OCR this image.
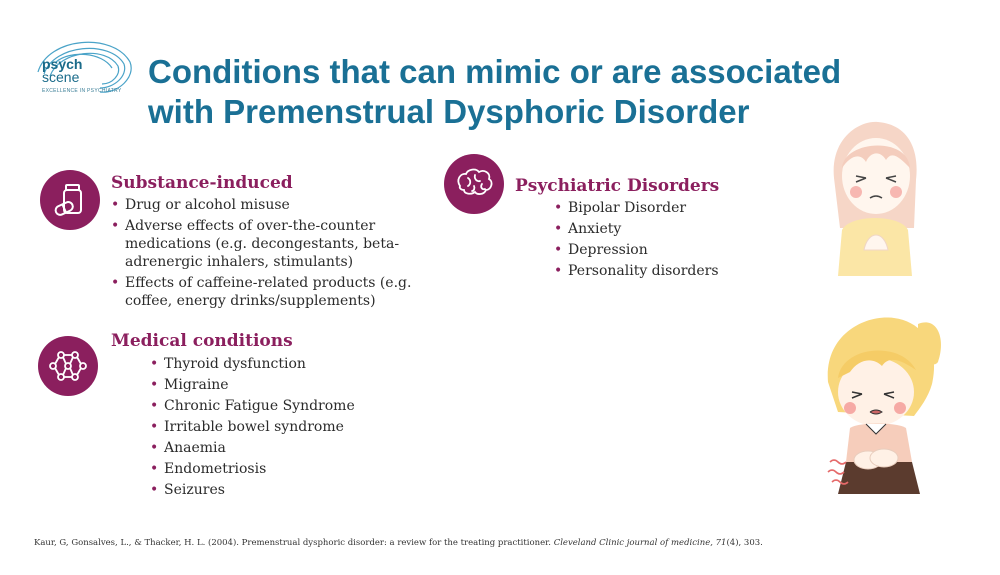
psych
scene
EXCELLENCE IN PSYCHIATRY
Conditions that can mimic or are associated
with Premenstrual Dysphoric Disorder
Substance-induced
• Drug or alcohol misuse
• Adverse effects of over-the-counter medications (e.g. decongestants, beta-adrenergic inhalers, stimulants)
• Effects of caffeine-related products (e.g. coffee, energy drinks/supplements)
Psychiatric Disorders
• Bipolar Disorder
• Anxiety
• Depression
• Personality disorders
Medical conditions
• Thyroid dysfunction
• Migraine
• Chronic Fatigue Syndrome
• Irritable bowel syndrome
• Anaemia
• Endometriosis
• Seizures
Kaur, G, Gonsalves, L., & Thacker, H. L. (2004). Premenstrual dysphoric disorder: a review for the treating practitioner. Cleveland Clinic journal of medicine, 71(4), 303.
